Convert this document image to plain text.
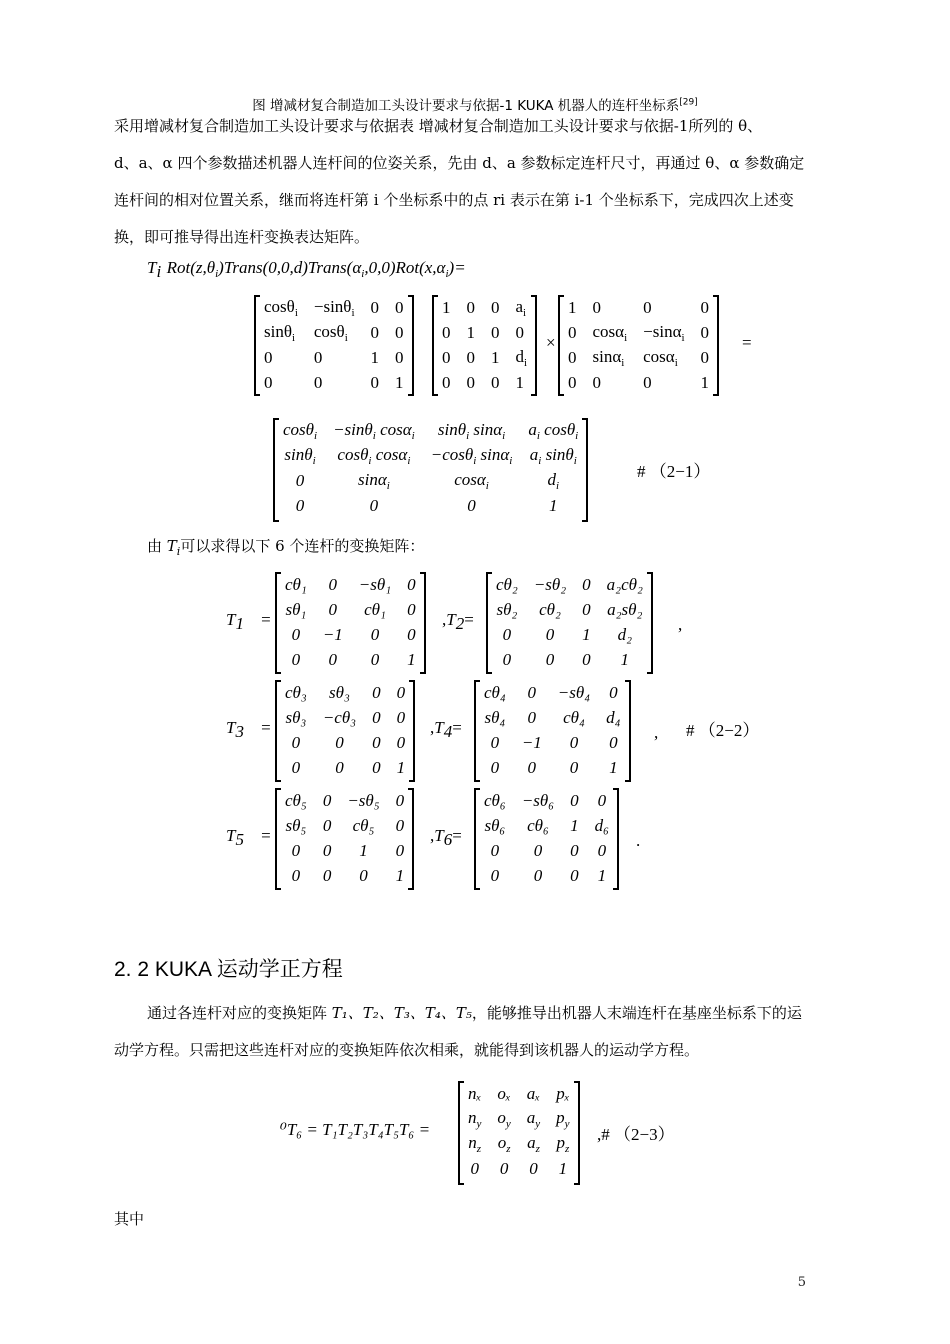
图 增减材复合制造加工头设计要求与依据-1 KUKA 机器人的连杆坐标系[29]
采用增减材复合制造加工头设计要求与依据表 增减材复合制造加工头设计要求与依据-1所列的 θ、
d、a、α 四个参数描述机器人连杆间的位姿关系，先由 d、a 参数标定连杆尺寸，再通过 θ、α 参数确定
连杆间的相对位置关系，继而将连杆第 i 个坐标系中的点 ri 表示在第 i-1 个坐标系下，完成四次上述变
换，即可推导得出连杆变换表达矩阵。
$T_i$ $Rot(z,\theta_i)Trans(0,0,d)Trans(\alpha_i,0,0)Rot(x,\alpha_i)=$
cosθ$_i$	−sinθ$_i$	0	0
sinθ$_i$	cosθ$_i$	0	0
0	0	1	0
0	0	0	1
1	0	0	$a_i$
0	1	0	0
0	0	1	$d_i$
0	0	0	1
×
1	0	0	0
0	cosα$_i$	−sinα$_i$	0
0	sinα$_i$	cosα$_i$	0
0	0	0	1
=
cosθ$_i$	−sinθ$_i$ cosα$_i$	sinθ$_i$ sinα$_i$	$a_i$ cosθ$_i$
sinθ$_i$	cosθ$_i$ cosα$_i$	−cosθ$_i$ sinα$_i$	$a_i$ sinθ$_i$
0	sinα$_i$	cosα$_i$	$d_i$
0	0	0	1
# （2−1）
由 $T_i$可以求得以下 6 个连杆的变换矩阵：
$T_1$ =
cθ₁	0	−sθ₁	0
sθ₁	0	cθ₁	0
0	−1	0	0
0	0	0	1
$,T_2=$
cθ₂	−sθ₂	0	a₂cθ₂
sθ₂	cθ₂	0	a₂sθ₂
0	0	1	d₂
0	0	0	1
,
$T_3$ =
cθ₃	sθ₃	0	0
sθ₃	−cθ₃	0	0
0	0	0	0
0	0	0	1
$,T_4=$
cθ₄	0	−sθ₄	0
sθ₄	0	cθ₄	d₄
0	−1	0	0
0	0	0	1
, # （2−2）
$T_5$ =
cθ₅	0	−sθ₅	0
sθ₅	0	cθ₅	0
0	0	1	0
0	0	0	1
$,T_6=$
cθ₆	−sθ₆	0	0
sθ₆	cθ₆	1	d₆
0	0	0	0
0	0	0	1
.
2. 2 KUKA 运动学正方程
通过各连杆对应的变换矩阵 T₁、T₂、T₃、T₄、T₅，能够推导出机器人末端连杆在基座坐标系下的运
动学方程。只需把这些连杆对应的变换矩阵依次相乘，就能得到该机器人的运动学方程。
⁰T₆ = T₁T₂T₃T₄T₅T₆ =
nₓ	oₓ	aₓ	pₓ
$n_y$	$o_y$	$a_y$	$p_y$
$n_z$	$o_z$	$a_z$	$p_z$
0	0	0	1
,# （2−3）
其中
5
